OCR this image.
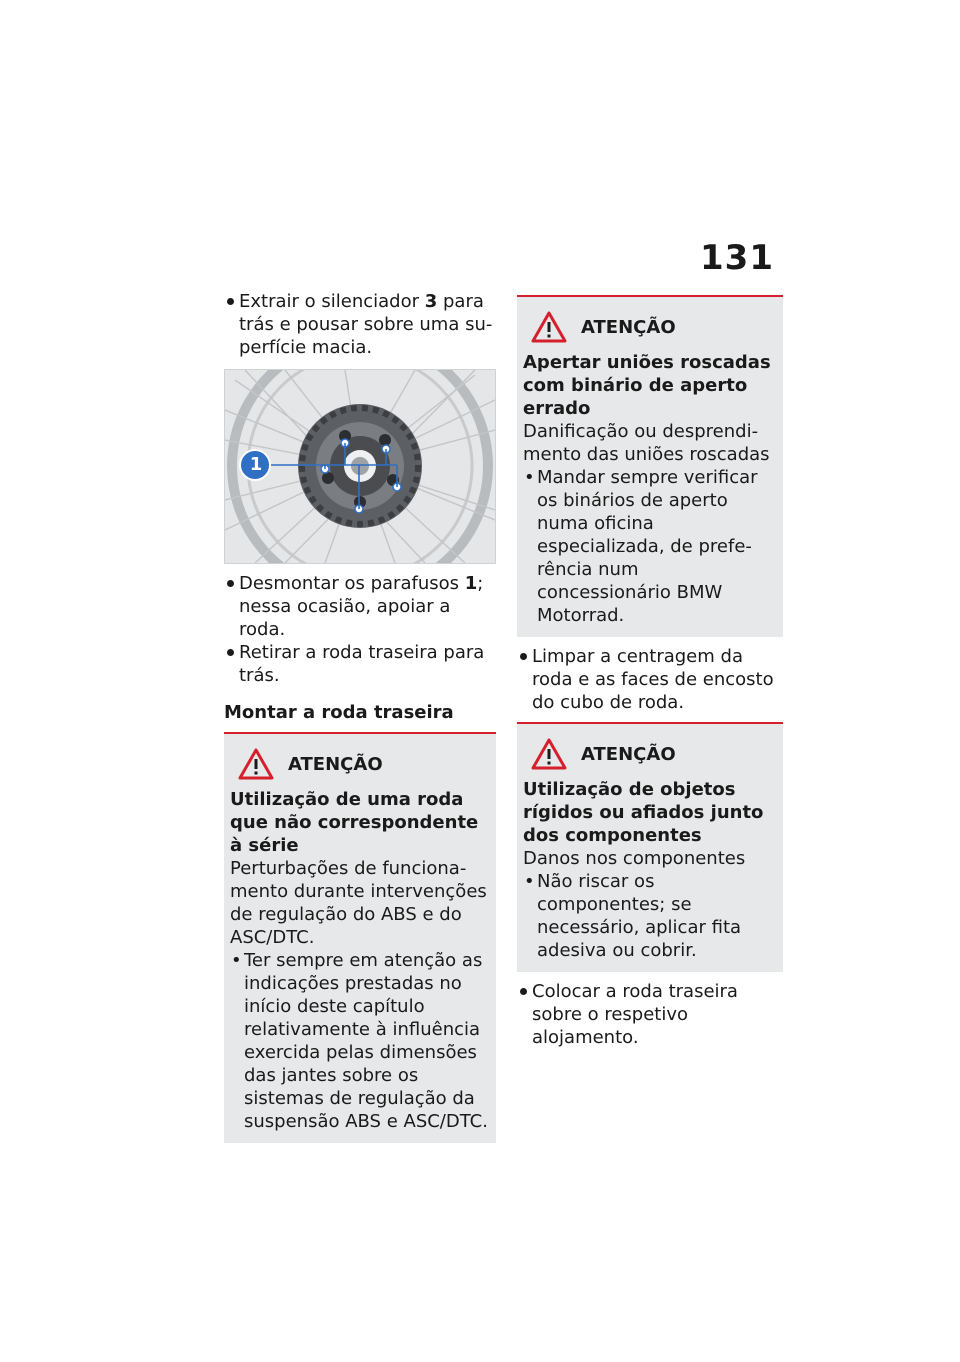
131

Extrair o silenciador 3 para trás e pousar sobre uma superfície macia.

1

Desmontar os parafusos 1; nessa ocasião, apoiar a roda.

Retirar a roda traseira para trás.

Montar a roda traseira
ATENÇÃO
Utilização de uma roda que não correspondente à série
Perturbações de funcionamento durante intervenções de regulação do ABS e do ASC/DTC.
• Ter sempre em atenção as indicações prestadas no início deste capítulo relativamente à influência exercida pelas dimensões das jantes sobre os sistemas de regulação da suspensão ABS e ASC/DTC.
ATENÇÃO
Apertar uniões roscadas com binário de aperto errado
Danificação ou desprendimento das uniões roscadas
• Mandar sempre verificar os binários de aperto numa oficina especializada, de preferência num concessionário BMW Motorrad.

Limpar a centragem da roda e as faces de encosto do cubo de roda.

ATENÇÃO
Utilização de objetos rígidos ou afiados junto dos componentes
Danos nos componentes
• Não riscar os componentes; se necessário, aplicar fita adesiva ou cobrir.

Colocar a roda traseira sobre o respetivo alojamento.
